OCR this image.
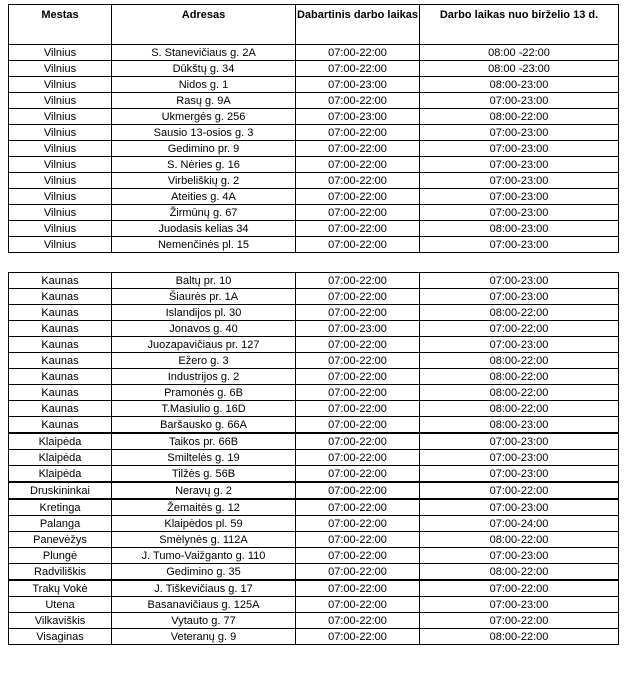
Mestas	Adresas	Dabartinis darbo laikas	Darbo laikas nuo birželio 13 d.
Vilnius	S. Stanevičiaus g. 2A	07:00-22:00	08:00 -22:00
Vilnius	Dūkštų g. 34	07:00-22:00	08:00 -23:00
Vilnius	Nidos g. 1	07:00-23:00	08:00-23:00
Vilnius	Rasų g. 9A	07:00-22:00	07:00-23:00
Vilnius	Ukmergės g. 256	07:00-23:00	08:00-22:00
Vilnius	Sausio 13-osios g. 3	07:00-22:00	07:00-23:00
Vilnius	Gedimino pr. 9	07:00-22:00	07:00-23:00
Vilnius	S. Nėries g. 16	07:00-22:00	07:00-23:00
Vilnius	Virbeliškių g. 2	07:00-22:00	07:00-23:00
Vilnius	Ateities g. 4A	07:00-22:00	07:00-23:00
Vilnius	Žirmūnų g. 67	07:00-22:00	07:00-23:00
Vilnius	Juodasis kelias 34	07:00-22:00	08:00-23:00
Vilnius	Nemenčinės pl. 15	07:00-22:00	07:00-23:00

Kaunas	Baltų pr. 10	07:00-22:00	07:00-23:00
Kaunas	Šiaurės pr. 1A	07:00-22:00	07:00-23:00
Kaunas	Islandijos pl. 30	07:00-22:00	08:00-22:00
Kaunas	Jonavos g. 40	07:00-23:00	07:00-22:00
Kaunas	Juozapavičiaus pr. 127	07:00-22:00	07:00-23:00
Kaunas	Ežero g. 3	07:00-22:00	08:00-22:00
Kaunas	Industrijos g. 2	07:00-22:00	08:00-22:00
Kaunas	Pramonės g. 6B	07:00-22:00	08:00-22:00
Kaunas	T.Masiulio g. 16D	07:00-22:00	08:00-22:00
Kaunas	Baršausko g. 66A	07:00-22:00	08:00-23:00
Klaipėda	Taikos pr. 66B	07:00-22:00	07:00-23:00
Klaipėda	Smiltelės g. 19	07:00-22:00	07:00-23:00
Klaipėda	Tilžės g. 56B	07:00-22:00	07:00-23:00
Druskininkai	Neravų g. 2	07:00-22:00	07:00-22:00
Kretinga	Žemaitės g. 12	07:00-22:00	07:00-23:00
Palanga	Klaipėdos pl. 59	07:00-22:00	07:00-24:00
Panevėžys	Smėlynės g. 112A	07:00-22:00	08:00-22:00
Plungė	J. Tumo-Vaižganto g. 110	07:00-22:00	07:00-23:00
Radviliškis	Gedimino g. 35	07:00-22:00	08:00-22:00
Trakų Vokė	J. Tiškevičiaus g. 17	07:00-22:00	07:00-22:00
Utena	Basanavičiaus g. 125A	07:00-22:00	07:00-23:00
Vilkaviškis	Vytauto g. 77	07:00-22:00	07:00-22:00
Visaginas	Veteranų g. 9	07:00-22:00	08:00-22:00
